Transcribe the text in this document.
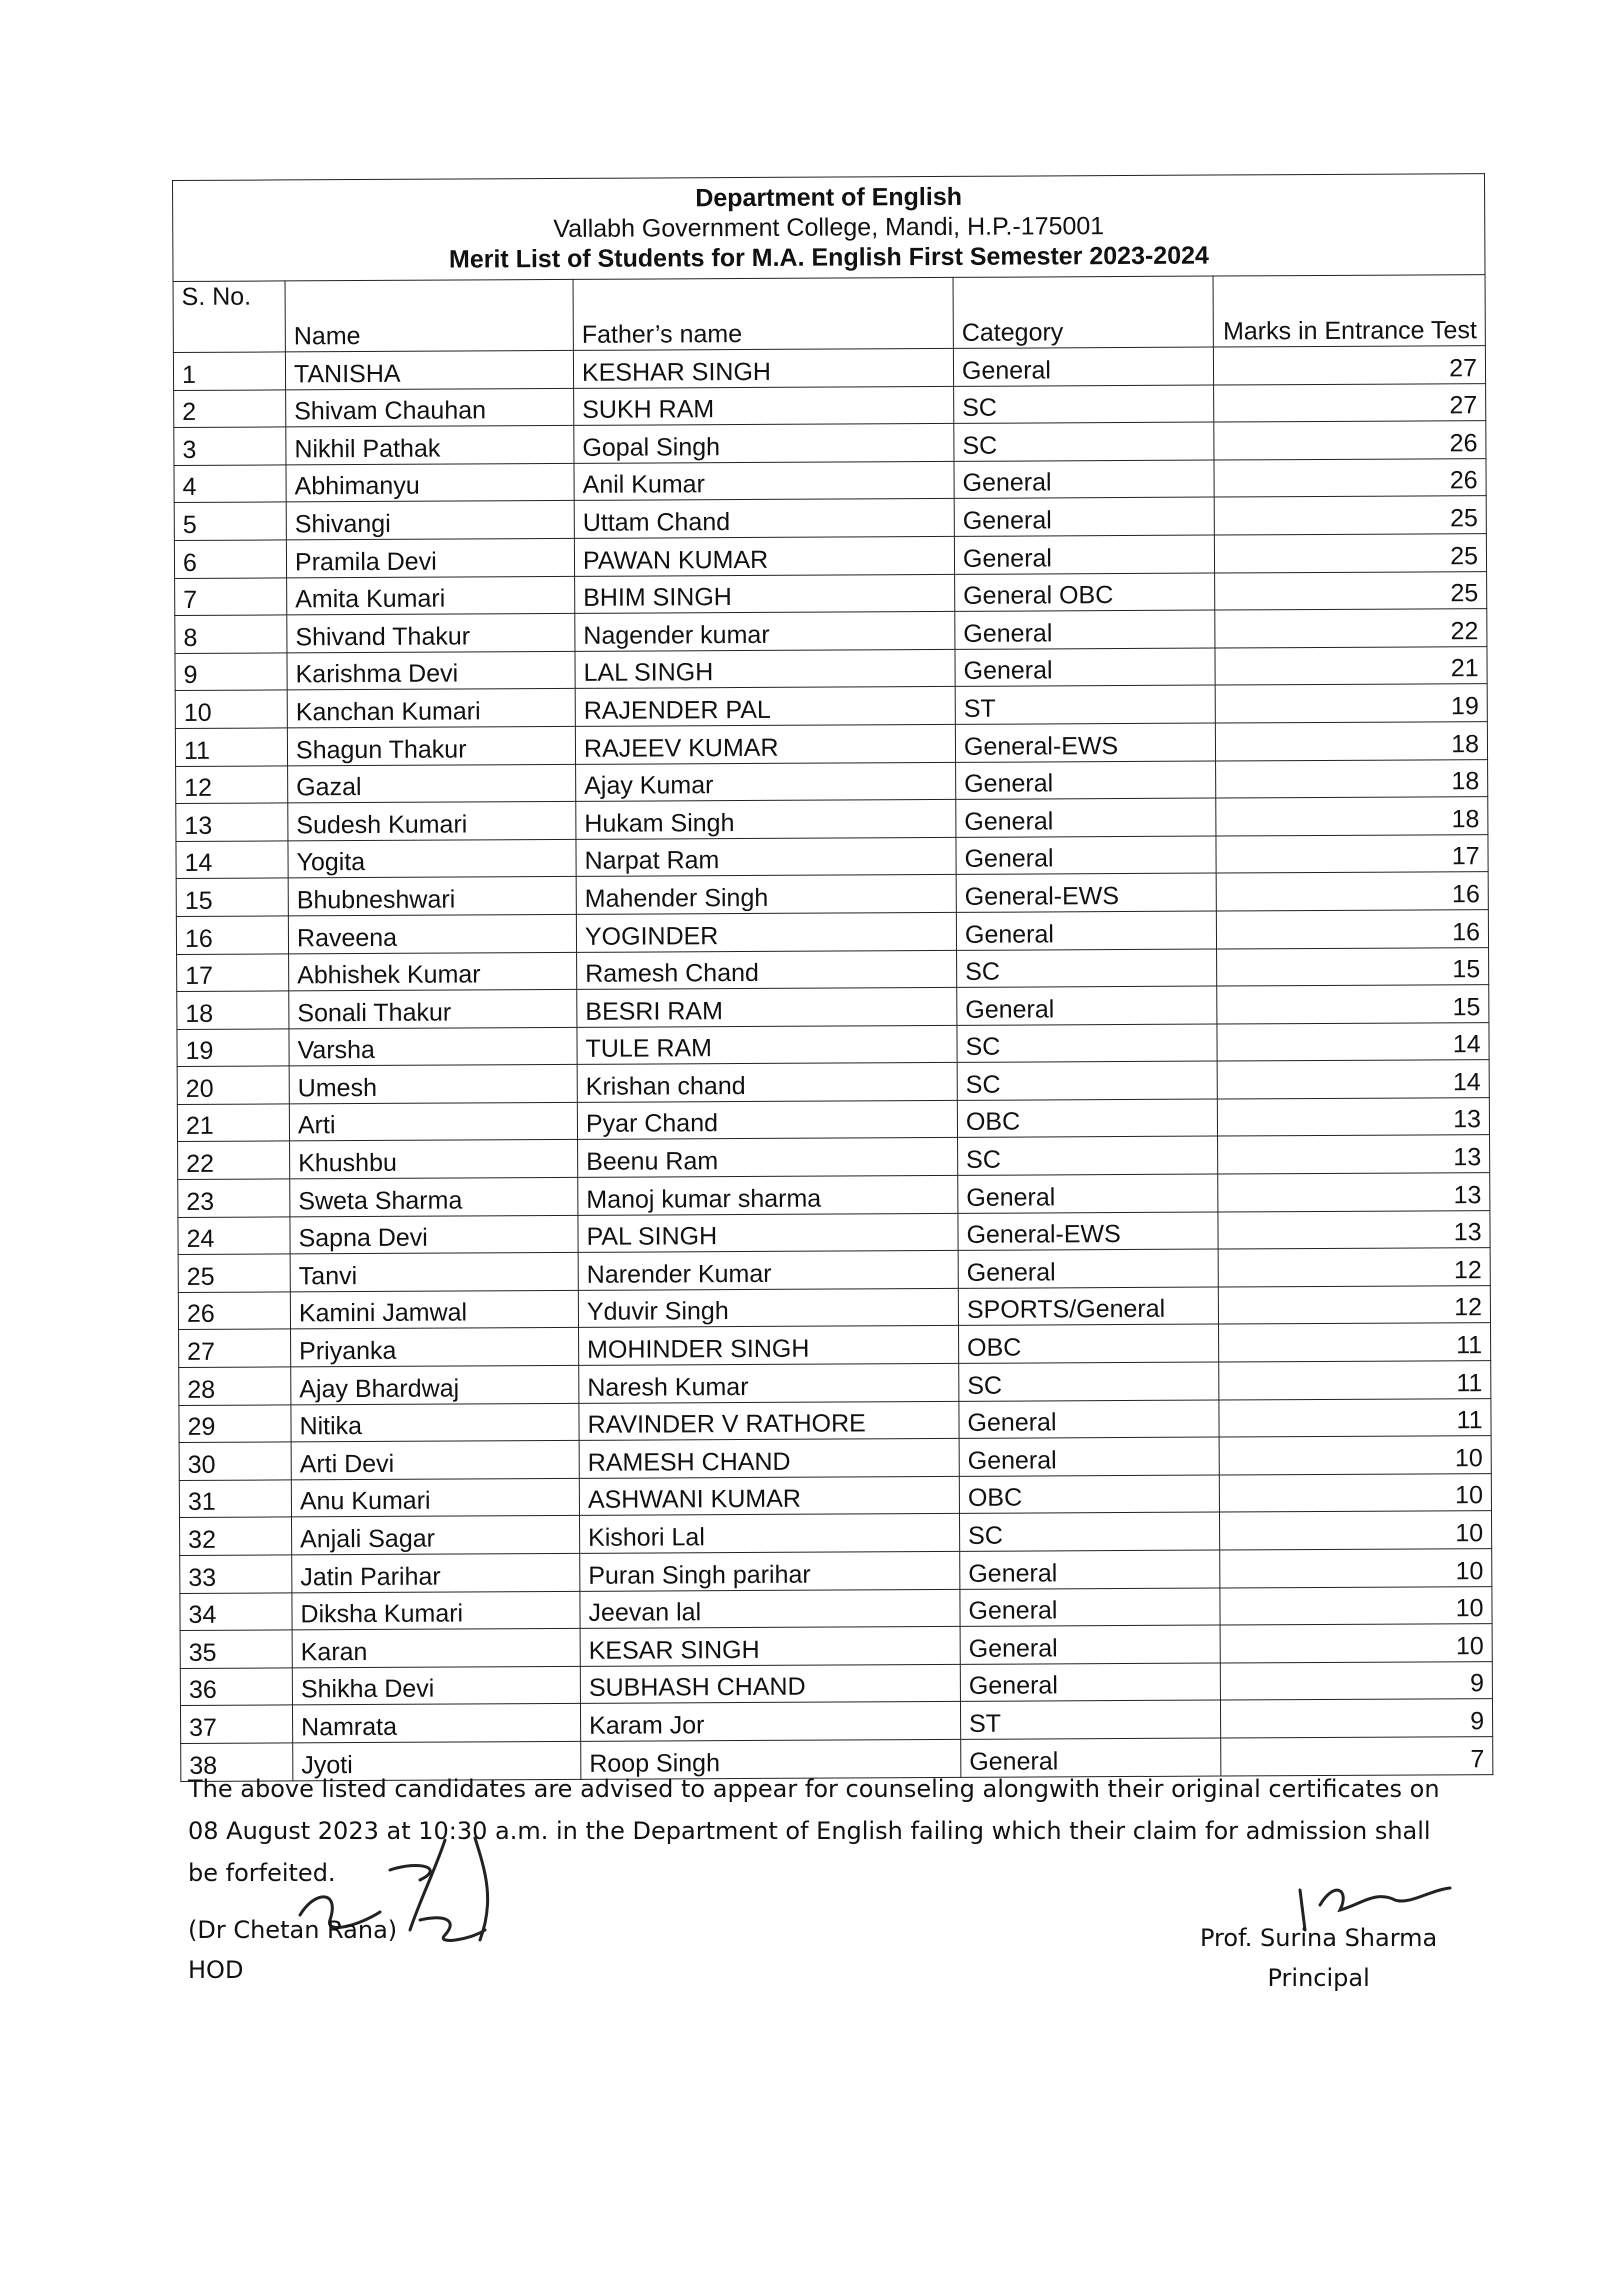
Department of English
Vallabh Government College, Mandi, H.P.-175001
Merit List of Students for M.A. English First Semester 2023-2024				

S. No.	Name	Father’s name	Category	Marks in Entrance Test
1	TANISHA	KESHAR SINGH	General	27
2	Shivam Chauhan	SUKH RAM	SC	27
3	Nikhil Pathak	Gopal Singh	SC	26
4	Abhimanyu	Anil Kumar	General	26
5	Shivangi	Uttam Chand	General	25
6	Pramila Devi	PAWAN KUMAR	General	25
7	Amita Kumari	BHIM SINGH	General OBC	25
8	Shivand Thakur	Nagender kumar	General	22
9	Karishma Devi	LAL SINGH	General	21
10	Kanchan Kumari	RAJENDER PAL	ST	19
11	Shagun Thakur	RAJEEV KUMAR	General-EWS	18
12	Gazal	Ajay Kumar	General	18
13	Sudesh Kumari	Hukam Singh	General	18
14	Yogita	Narpat Ram	General	17
15	Bhubneshwari	Mahender Singh	General-EWS	16
16	Raveena	YOGINDER	General	16
17	Abhishek Kumar	Ramesh Chand	SC	15
18	Sonali Thakur	BESRI RAM	General	15
19	Varsha	TULE RAM	SC	14
20	Umesh	Krishan chand	SC	14
21	Arti	Pyar Chand	OBC	13
22	Khushbu	Beenu Ram	SC	13
23	Sweta Sharma	Manoj kumar sharma	General	13
24	Sapna Devi	PAL SINGH	General-EWS	13
25	Tanvi	Narender Kumar	General	12
26	Kamini Jamwal	Yduvir Singh	SPORTS/General	12
27	Priyanka	MOHINDER SINGH	OBC	11
28	Ajay Bhardwaj	Naresh Kumar	SC	11
29	Nitika	RAVINDER V RATHORE	General	11
30	Arti Devi	RAMESH CHAND	General	10
31	Anu Kumari	ASHWANI KUMAR	OBC	10
32	Anjali Sagar	Kishori Lal	SC	10
33	Jatin Parihar	Puran Singh parihar	General	10
34	Diksha Kumari	Jeevan lal	General	10
35	Karan	KESAR SINGH	General	10
36	Shikha Devi	SUBHASH CHAND	General	9
37	Namrata	Karam Jor	ST	9
38	Jyoti	Roop Singh	General	7

The above listed candidates are advised to appear for counseling alongwith their original certificates on 08 August 2023 at 10:30 a.m. in the Department of English failing which their claim for admission shall be forfeited.

(Dr Chetan Rana)
HOD
Prof. Surina Sharma
Principal
